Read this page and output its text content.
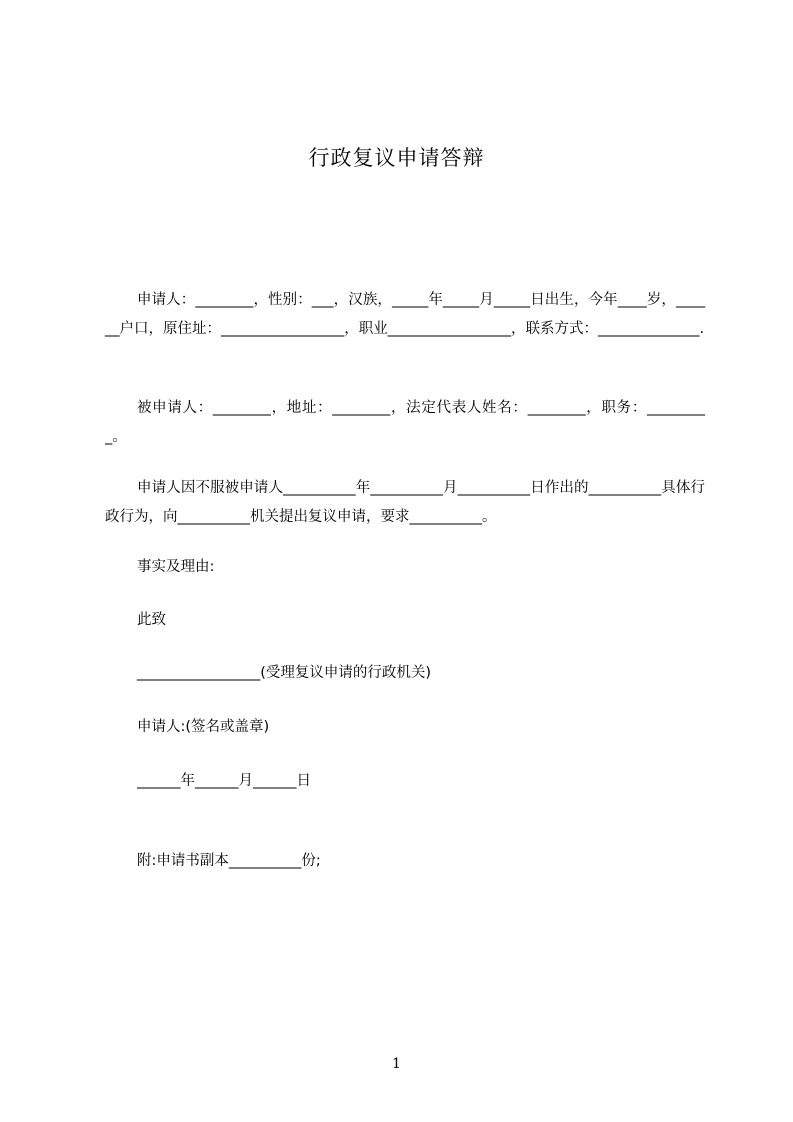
行政复议申请答辩
申请人：________，性别：___，汉族，_____年_____月_____日出生，今年____岁，______户口，原住址：_________________，职业_________________，联系方式：______________.
被申请人：________，地址：________，法定代表人姓名：________，职务：_________。
申请人因不服被申请人__________年__________月__________日作出的__________具体行政行为，向__________机关提出复议申请，要求__________。
事实及理由:
此致
_________________(受理复议申请的行政机关)
申请人:(签名或盖章)
______年______月______日
附:申请书副本__________份;
1
